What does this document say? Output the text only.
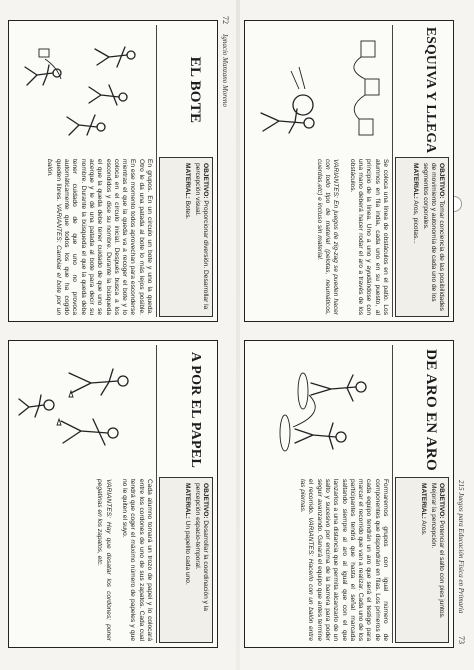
72
Ignacio Manzano Moreno
EL BOTE
OBJETIVO: Proporcionar diversión. Desarrollar la percepción visual.
MATERIAL: Botes.
En grupos. En un círculo un bote y uno la queda. Otro le da una patada al bote lo más lejos posible. En ese momento todos aprovechan para esconderse mientras el que la queda va a recoger el bote y lo coloca en el círculo inicial. Después busca a los escondidos y dice su nombre. Durante la búsqueda el que la queda debe tener cuidado de que uno se acerque y le dé una patada al bote para decir su nombre. Durante la búsqueda el que la queda debe tener cuidado de que uno no provoca automáticamente que todos los que ha cogido queden libres. VARIANTES: Cambiar el bote por un balón.
A POR EL PAPEL
OBJETIVO: Desarrollar la coordinación y la percepción espacio-temporal.
MATERIAL: Un papelito cada uno.
Cada alumno tomará un trozo de papel y lo colocará entre los cordones de uno de sus zapatos. Cada cual tendrá que coger el máximo número de papeles y que no le quiten el suyo.

VARIANTES: Hay que desatar los cordones; poner pegatinas en los zapatos, etc.	215 Juegos para Educación Física en Primaria
73
ESQUIVA Y LLEGA
OBJETIVO: Tomar conciencia de las posibilidades de movimiento y autonomía de cada uno de los segmentos corporales.
MATERIAL: Aros, picotas...
Se coloca una línea de obstáculos en el patio. Los alumnos en fila india, cada uno en su puesto, al principio de la línea. Uno a uno y ayudándose con una mano deberá hacer rodar el aro a través de los obstáculos.

VARIANTES: En juegos de zig-zag se pueden hacer con todo tipo de material (pelotas, neumáticos, cuerdas,etc) e incluso sin material.
DE ARO EN ARO
OBJETIVO: Potenciar el salto con pies juntos. Mejorar la percepción.
MATERIAL: Aros.
Formaremos grupos con igual número de componentes que dispondrán en filas. Los primeros de cada equipo tendrán un aro que será el testigo para marcar el recorrido que van a realizar. Cada uno de los participantes tendrá que hasta el señal marcada saltando siempre al aro al igual que con el que lanzarlos a una distancia que permita alcanzarlo de un salto y sucesivo por encima de la barrera para poder seguir avanzando. Ganará el equipo que antes termine el recorrido. VARIANTES: Hacerlo con un balón entre las piernas.
